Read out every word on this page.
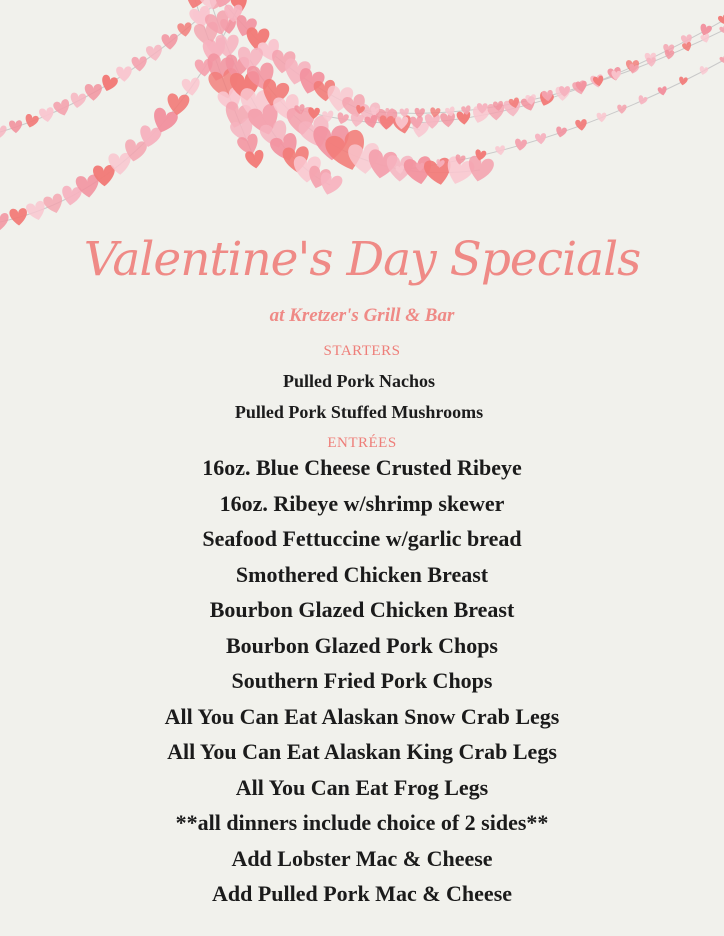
Valentine's Day Specials
at Kretzer's Grill & Bar
STARTERS
Pulled Pork Nachos
Pulled Pork Stuffed Mushrooms
ENTRÉES
16oz. Blue Cheese Crusted Ribeye
16oz. Ribeye w/shrimp skewer
Seafood Fettuccine w/garlic bread
Smothered Chicken Breast
Bourbon Glazed Chicken Breast
Bourbon Glazed Pork Chops
Southern Fried Pork Chops
All You Can Eat Alaskan Snow Crab Legs
All You Can Eat Alaskan King Crab Legs
All You Can Eat Frog Legs
**all dinners include choice of 2 sides**
Add Lobster Mac & Cheese
Add Pulled Pork Mac & Cheese
